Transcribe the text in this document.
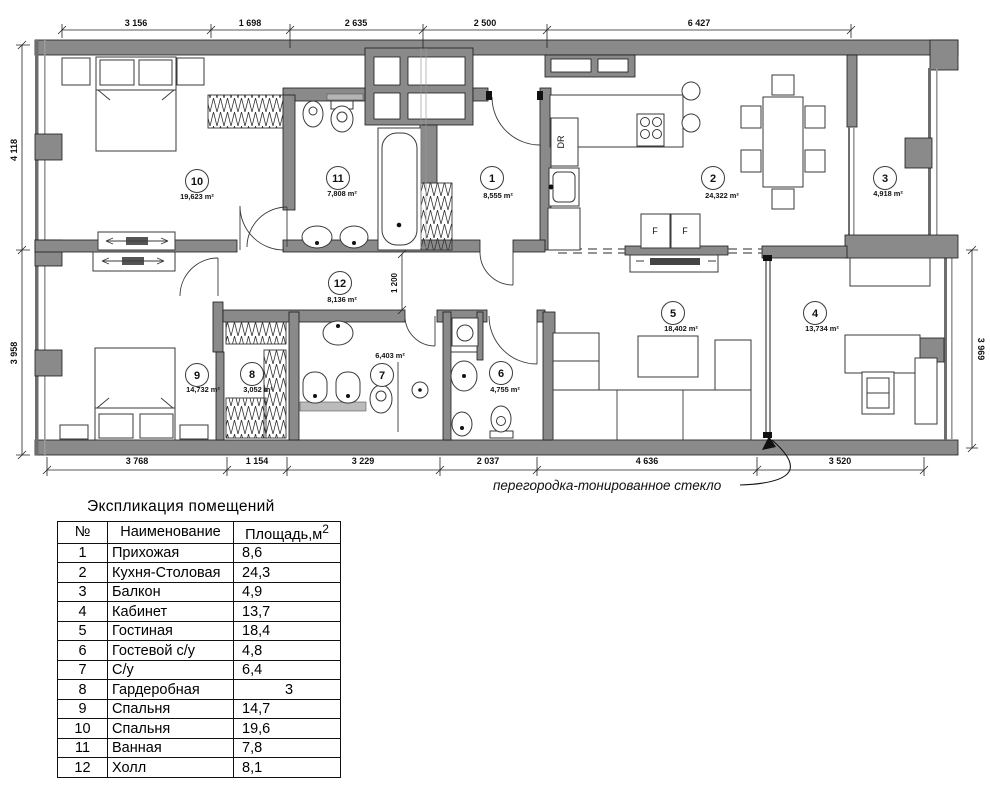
F	F
DR
3 156	1 698	2 635	2 500	6 427
3 768	1 154	3 229	2 037	4 636	3 520
4 118
3 958	3 969
1 200
1
8,555 m²
2
24,322 m²
3
4,918 m²
4
13,734 m²
5
18,402 m²
6
4,755 m²
7
6,403 m²
8
3,052 m²
9
14,732 m²
10
19,623 m²
11
7,808 m²
12
8,136 m²
перегородка-тонированное стекло
Экспликация помещений
№	Наименование	$Площадь,м^2$
1	Прихожая	8,6
2	Кухня-Столовая	24,3
3	Балкон	4,9
4	Кабинет	13,7
5	Гостиная	18,4
6	Гостевой с/у	4,8
7	С/у	6,4
8	Гардеробная	3
9	Спальня	14,7
10	Спальня	19,6
11	Ванная	7,8
12	Холл	8,1
